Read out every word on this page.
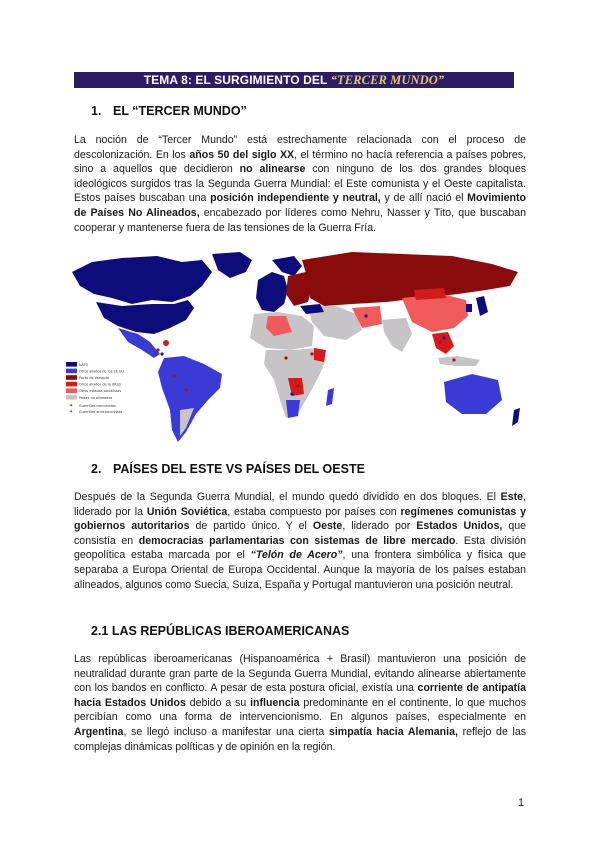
TEMA 8: EL SURGIMIENTO DEL “TERCER MUNDO”
1. EL “TERCER MUNDO”
La noción de “Tercer Mundo” está estrechamente relacionada con el proceso de descolonización. En los años 50 del siglo XX, el término no hacía referencia a países pobres, sino a aquellos que decidieron no alinearse con ninguno de los dos grandes bloques ideológicos surgidos tras la Segunda Guerra Mundial: el Este comunista y el Oeste capitalista. Estos países buscaban una posición independiente y neutral, y de allí nació el Movimiento de Países No Alineados, encabezado por líderes como Nehru, Nasser y Tito, que buscaban cooperar y mantenerse fuera de las tensiones de la Guerra Fría.
NATO
Otros aliados de los EE.UU.
Pacto de Varsovia
Otros aliados de la URSS
Otros estados socialistas
Países no alineados
✦ Guerrillas comunistas
✦ Guerrillas anticomunistas
2. PAÍSES DEL ESTE VS PAÍSES DEL OESTE
Después de la Segunda Guerra Mundial, el mundo quedó dividido en dos bloques. El Este, liderado por la Unión Soviética, estaba compuesto por países con regímenes comunistas y gobiernos autoritarios de partido único. Y el Oeste, liderado por Estados Unidos, que consistía en democracias parlamentarias con sistemas de libre mercado. Esta división geopolítica estaba marcada por el “Telón de Acero”, una frontera simbólica y física que separaba a Europa Oriental de Europa Occidental. Aunque la mayoría de los países estaban alineados, algunos como Suecia, Suiza, España y Portugal mantuvieron una posición neutral.
2.1 LAS REPÚBLICAS IBEROAMERICANAS
Las repúblicas iberoamericanas (Hispanoamérica + Brasil) mantuvieron una posición de neutralidad durante gran parte de la Segunda Guerra Mundial, evitando alinearse abiertamente con los bandos en conflicto. A pesar de esta postura oficial, existía una corriente de antipatía hacia Estados Unidos debido a su influencia predominante en el continente, lo que muchos percibían como una forma de intervencionismo. En algunos países, especialmente en Argentina, se llegó incluso a manifestar una cierta simpatía hacia Alemania, reflejo de las complejas dinámicas políticas y de opinión en la región.
1
